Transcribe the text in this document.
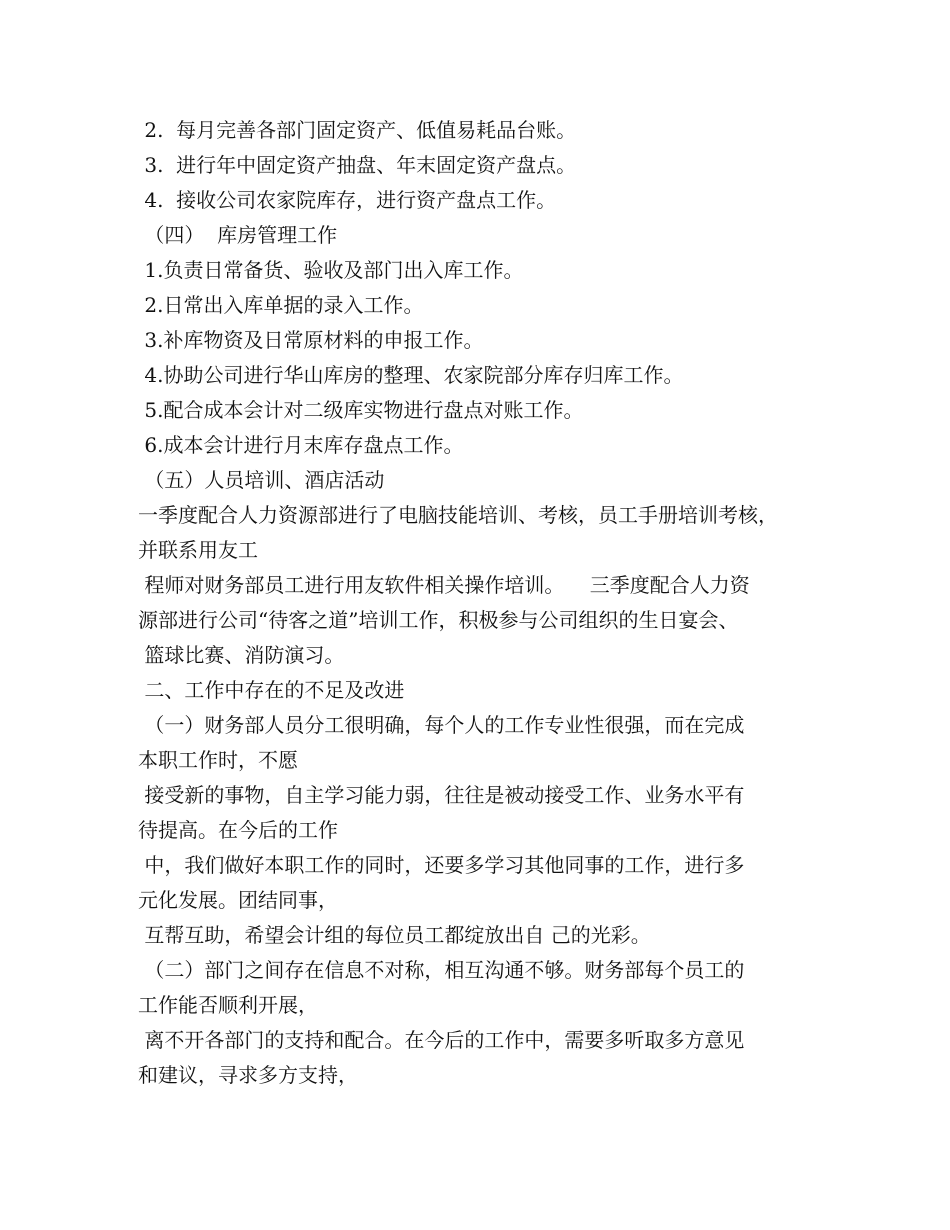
2.  每月完善各部门固定资产、低值易耗品台账。
3.  进行年中固定资产抽盘、年末固定资产盘点。
4.  接收公司农家院库存，进行资产盘点工作。
（四）  库房管理工作
1.负责日常备货、验收及部门出入库工作。
2.日常出入库单据的录入工作。
3.补库物资及日常原材料的申报工作。
4.协助公司进行华山库房的整理、农家院部分库存归库工作。
5.配合成本会计对二级库实物进行盘点对账工作。
6.成本会计进行月末库存盘点工作。
（五）人员培训、酒店活动
一季度配合人力资源部进行了电脑技能培训、考核，员工手册培训考核，
并联系用友工
程师对财务部员工进行用友软件相关操作培训。    三季度配合人力资
源部进行公司“待客之道”培训工作，积极参与公司组织的生日宴会、
篮球比赛、消防演习。
二、工作中存在的不足及改进
（一）财务部人员分工很明确，每个人的工作专业性很强，而在完成
本职工作时，不愿
接受新的事物，自主学习能力弱，往往是被动接受工作、业务水平有
待提高。在今后的工作
中，我们做好本职工作的同时，还要多学习其他同事的工作，进行多
元化发展。团结同事，
互帮互助，希望会计组的每位员工都绽放出自 己的光彩。
（二）部门之间存在信息不对称，相互沟通不够。财务部每个员工的
工作能否顺利开展，
离不开各部门的支持和配合。在今后的工作中，需要多听取多方意见
和建议，寻求多方支持，
